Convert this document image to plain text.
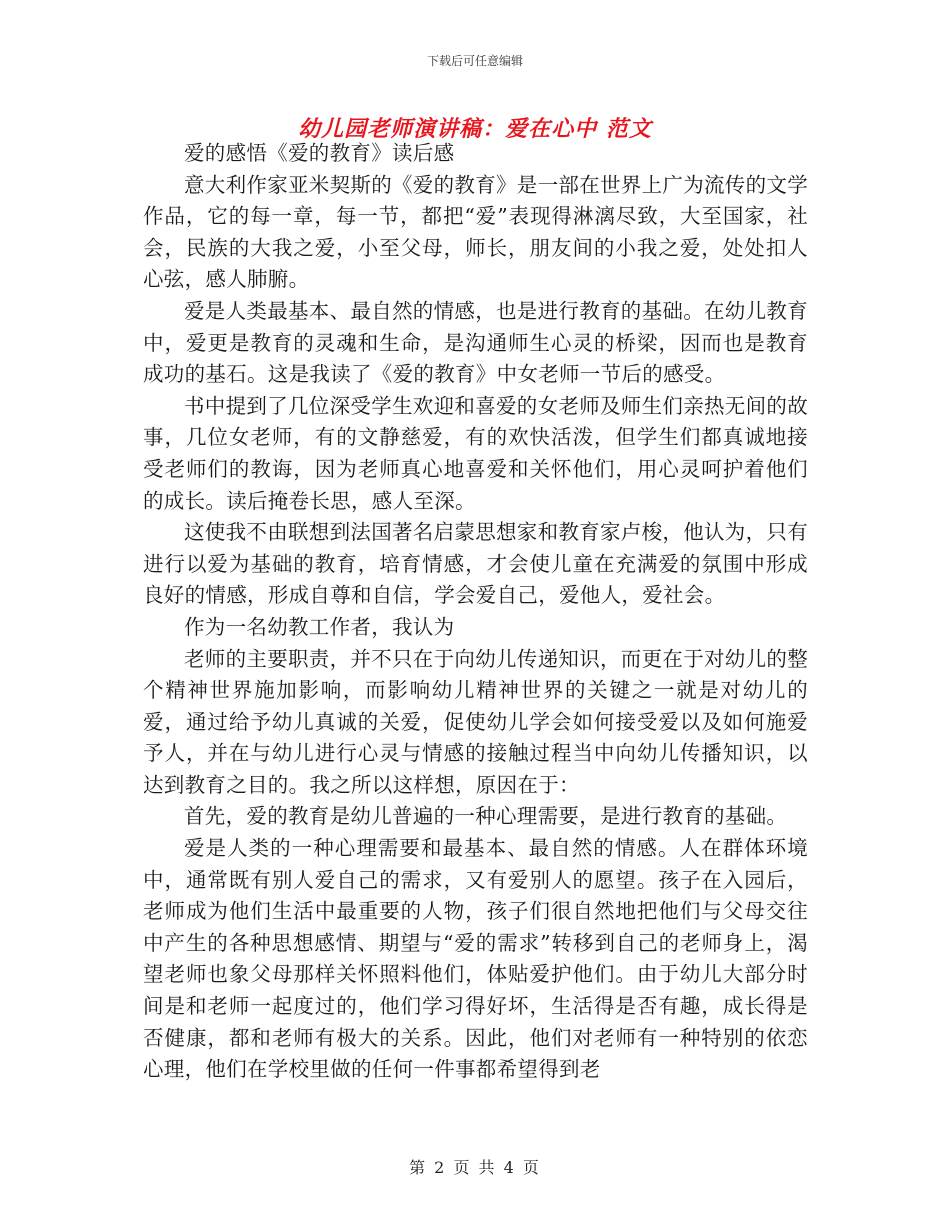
下载后可任意编辑
幼儿园老师演讲稿：爱在心中 范文

爱的感悟《爱的教育》读后感

意大利作家亚米契斯的《爱的教育》是一部在世界上广为流传的文学作品，它的每一章，每一节，都把“爱”表现得淋漓尽致，大至国家，社会，民族的大我之爱，小至父母，师长，朋友间的小我之爱，处处扣人心弦，感人肺腑。

爱是人类最基本、最自然的情感，也是进行教育的基础。在幼儿教育中，爱更是教育的灵魂和生命，是沟通师生心灵的桥梁，因而也是教育成功的基石。这是我读了《爱的教育》中女老师一节后的感受。

书中提到了几位深受学生欢迎和喜爱的女老师及师生们亲热无间的故事，几位女老师，有的文静慈爱，有的欢快活泼，但学生们都真诚地接受老师们的教诲，因为老师真心地喜爱和关怀他们，用心灵呵护着他们的成长。读后掩卷长思，感人至深。

这使我不由联想到法国著名启蒙思想家和教育家卢梭，他认为，只有进行以爱为基础的教育，培育情感，才会使儿童在充满爱的氛围中形成良好的情感，形成自尊和自信，学会爱自己，爱他人，爱社会。

作为一名幼教工作者，我认为

老师的主要职责，并不只在于向幼儿传递知识，而更在于对幼儿的整个精神世界施加影响，而影响幼儿精神世界的关键之一就是对幼儿的爱，通过给予幼儿真诚的关爱，促使幼儿学会如何接受爱以及如何施爱予人，并在与幼儿进行心灵与情感的接触过程当中向幼儿传播知识，以达到教育之目的。我之所以这样想，原因在于：

首先，爱的教育是幼儿普遍的一种心理需要，是进行教育的基础。

爱是人类的一种心理需要和最基本、最自然的情感。人在群体环境中，通常既有别人爱自己的需求，又有爱别人的愿望。孩子在入园后，老师成为他们生活中最重要的人物，孩子们很自然地把他们与父母交往中产生的各种思想感情、期望与“爱的需求”转移到自己的老师身上，渴望老师也象父母那样关怀照料他们，体贴爱护他们。由于幼儿大部分时间是和老师一起度过的，他们学习得好坏，生活得是否有趣，成长得是否健康，都和老师有极大的关系。因此，他们对老师有一种特别的依恋心理，他们在学校里做的任何一件事都希望得到老

第 2 页 共 4 页
